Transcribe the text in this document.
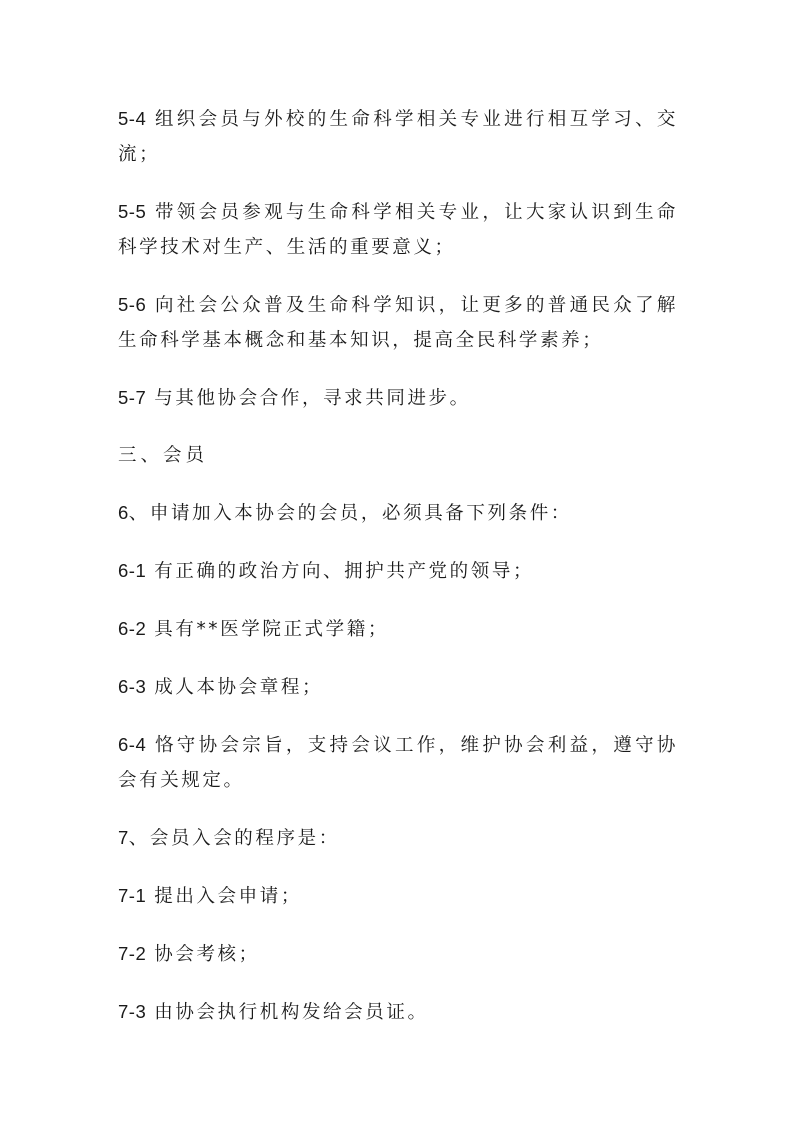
5-4 组织会员与外校的生命科学相关专业进行相互学习、交流；

5-5 带领会员参观与生命科学相关专业，让大家认识到生命科学技术对生产、生活的重要意义；

5-6 向社会公众普及生命科学知识，让更多的普通民众了解生命科学基本概念和基本知识，提高全民科学素养；

5-7 与其他协会合作，寻求共同进步。

三、会员

6、申请加入本协会的会员，必须具备下列条件：

6-1 有正确的政治方向、拥护共产党的领导；

6-2 具有**医学院正式学籍；

6-3 成人本协会章程；

6-4 恪守协会宗旨，支持会议工作，维护协会利益，遵守协会有关规定。

7、会员入会的程序是：

7-1 提出入会申请；

7-2 协会考核；

7-3 由协会执行机构发给会员证。
